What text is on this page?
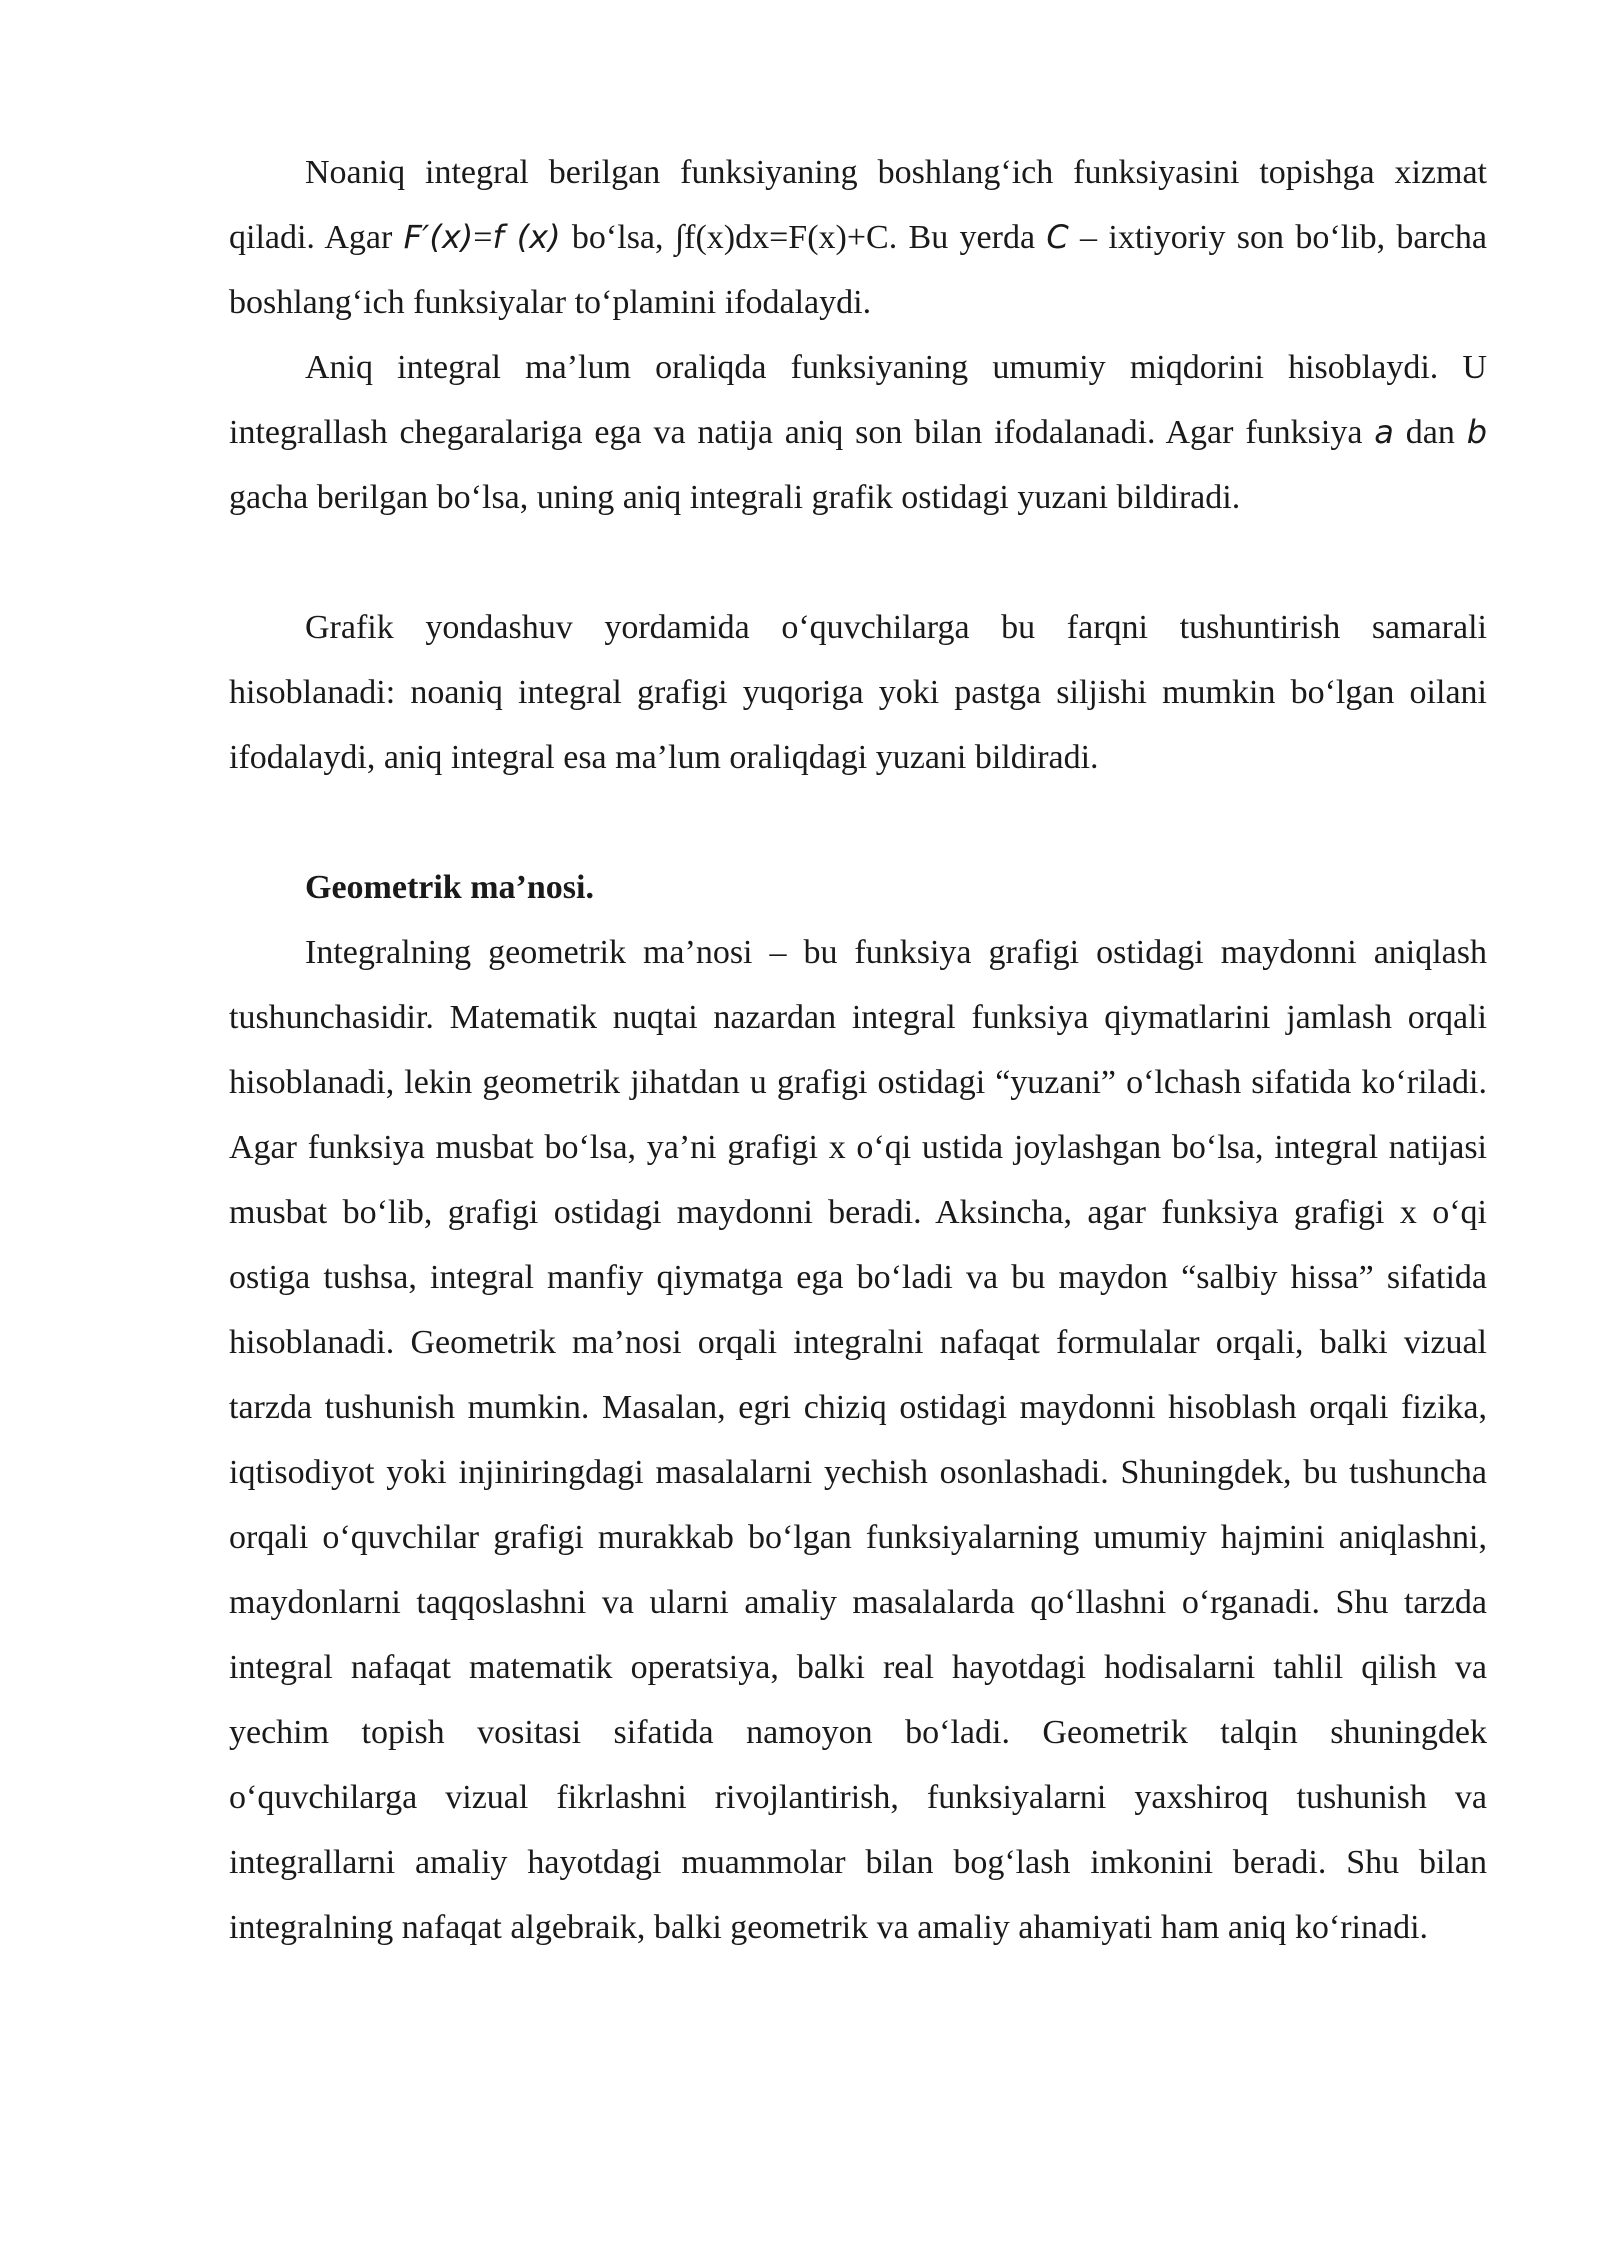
Noaniq integral berilgan funksiyaning boshlang‘ich funksiyasini topishga xizmat qiladi. Agar F′(x)=f (x) bo‘lsa, ∫f(x)dx=F(x)+C. Bu yerda C – ixtiyoriy son bo‘lib, barcha boshlang‘ich funksiyalar to‘plamini ifodalaydi.

Aniq integral ma’lum oraliqda funksiyaning umumiy miqdorini hisoblaydi. U integrallash chegaralariga ega va natija aniq son bilan ifodalanadi. Agar funksiya a dan b gacha berilgan bo‘lsa, uning aniq integrali grafik ostidagi yuzani bildiradi.

Grafik yondashuv yordamida o‘quvchilarga bu farqni tushuntirish samarali hisoblanadi: noaniq integral grafigi yuqoriga yoki pastga siljishi mumkin bo‘lgan oilani ifodalaydi, aniq integral esa ma’lum oraliqdagi yuzani bildiradi.

Geometrik ma’nosi.

Integralning geometrik ma’nosi – bu funksiya grafigi ostidagi maydonni aniqlash tushunchasidir. Matematik nuqtai nazardan integral funksiya qiymatlarini jamlash orqali hisoblanadi, lekin geometrik jihatdan u grafigi ostidagi “yuzani” o‘lchash sifatida ko‘riladi. Agar funksiya musbat bo‘lsa, ya’ni grafigi x o‘qi ustida joylashgan bo‘lsa, integral natijasi musbat bo‘lib, grafigi ostidagi maydonni beradi. Aksincha, agar funksiya grafigi x o‘qi ostiga tushsa, integral manfiy qiymatga ega bo‘ladi va bu maydon “salbiy hissa” sifatida hisoblanadi. Geometrik ma’nosi orqali integralni nafaqat formulalar orqali, balki vizual tarzda tushunish mumkin. Masalan, egri chiziq ostidagi maydonni hisoblash orqali fizika, iqtisodiyot yoki injiniringdagi masalalarni yechish osonlashadi. Shuningdek, bu tushuncha orqali o‘quvchilar grafigi murakkab bo‘lgan funksiyalarning umumiy hajmini aniqlashni, maydonlarni taqqoslashni va ularni amaliy masalalarda qo‘llashni o‘rganadi. Shu tarzda integral nafaqat matematik operatsiya, balki real hayotdagi hodisalarni tahlil qilish va yechim topish vositasi sifatida namoyon bo‘ladi. Geometrik talqin shuningdek o‘quvchilarga vizual fikrlashni rivojlantirish, funksiyalarni yaxshiroq tushunish va integrallarni amaliy hayotdagi muammolar bilan bog‘lash imkonini beradi. Shu bilan integralning nafaqat algebraik, balki geometrik va amaliy ahamiyati ham aniq ko‘rinadi.
